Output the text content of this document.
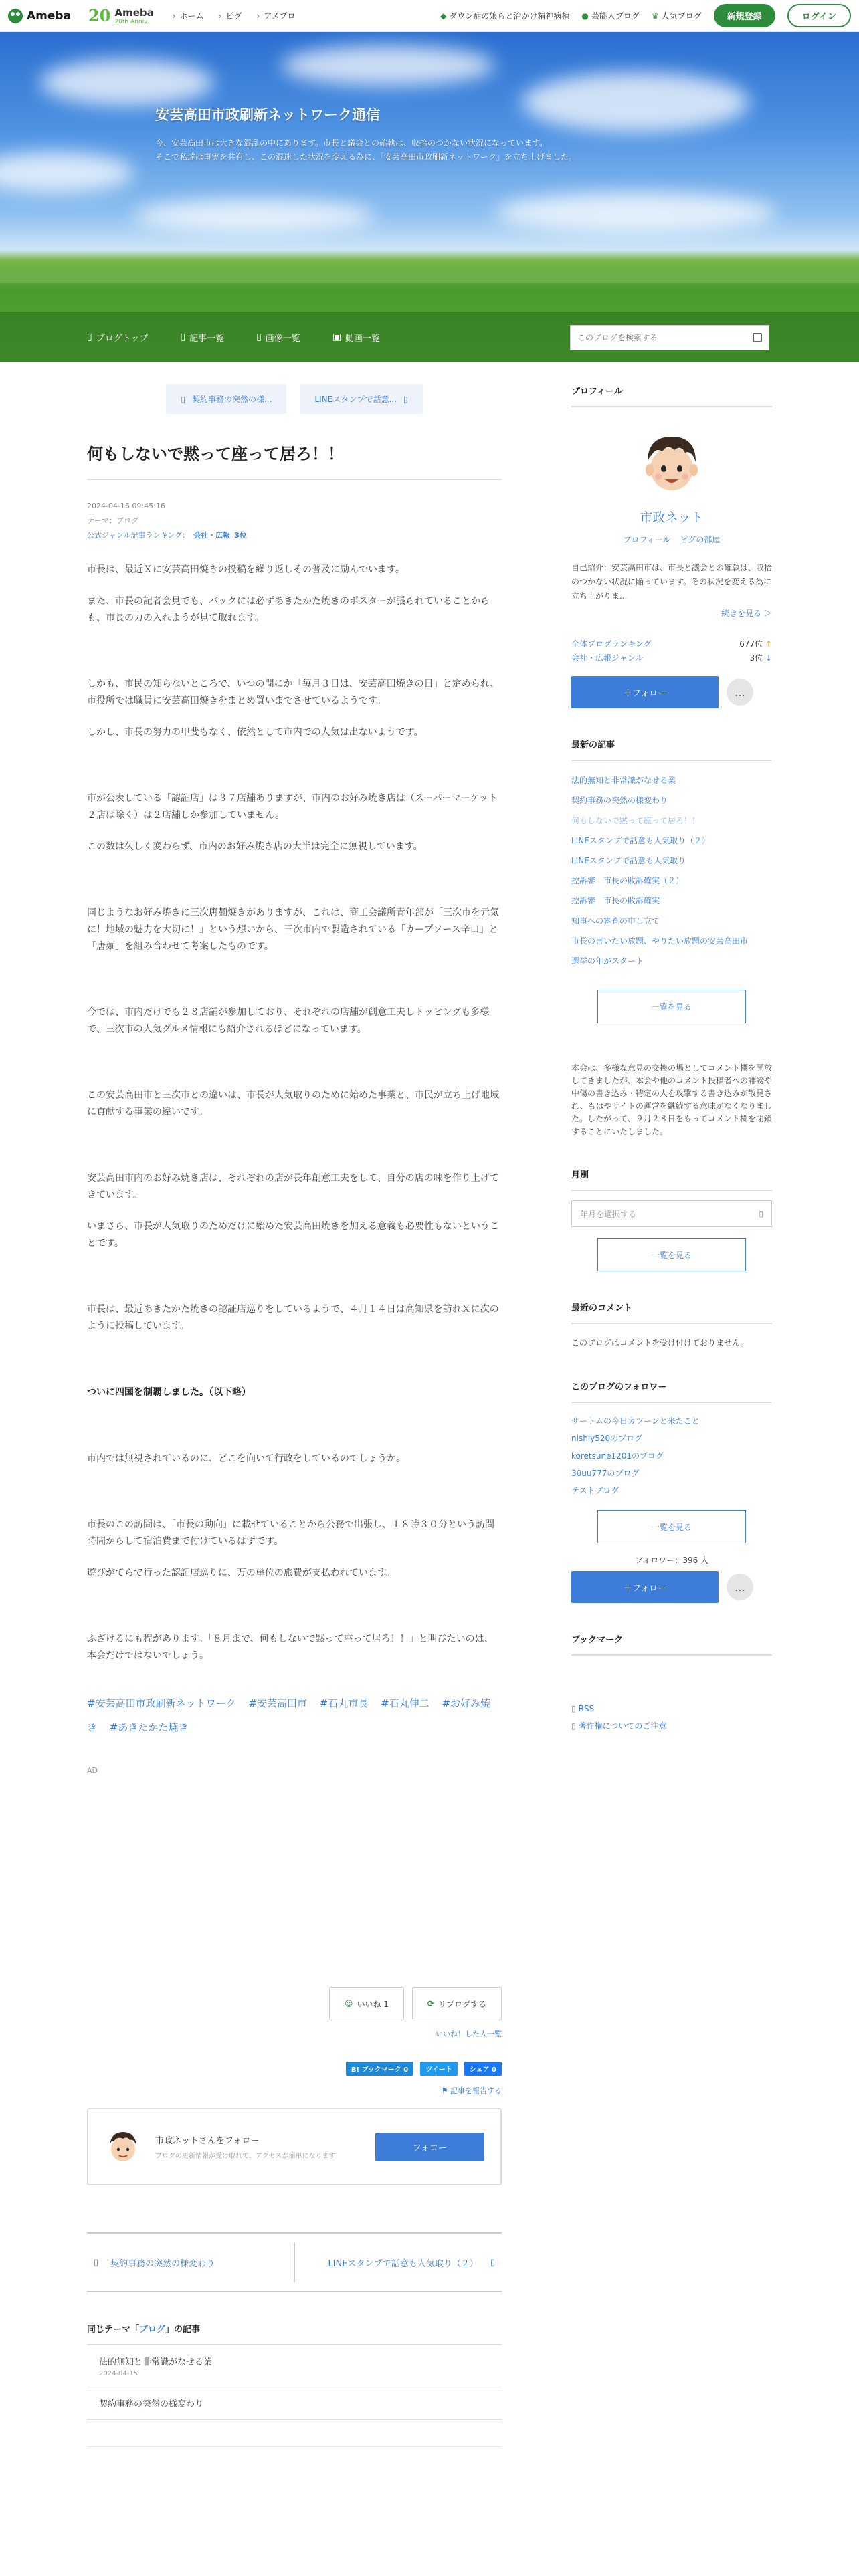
Ameba 20 Ameba
20th Anniv.
› ホーム	› ピグ	› アメプロ	◆ ダウン症の娘らと治かけ精神病棟 ● 芸能人ブログ ♛ 人気ブログ	新規登録	ログイン
安芸高田市政刷新ネットワーク通信
今、安芸高田市は大きな混乱の中にあります。市長と議会との確執は、収拾のつかない状況になっています。
そこで私達は事実を共有し、この混迷した状況を変える為に、「安芸高田市政刷新ネットワーク」を立ち上げました。
▯ ブログトップ	▯ 記事一覧	▯ 画像一覧	▣ 動画一覧
このブログを検索する
▯ 契約事務の突然の様...	LINEスタンプで話意... ▯
何もしないで黙って座って居ろ！！
2024-04-16 09:45:16
テーマ：ブログ
公式ジャンル記事ランキング： 会社・広報 3位

市長は、最近Ｘに安芸高田焼きの投稿を繰り返しその普及に励んでいます。

また、市長の記者会見でも、バックには必ずあきたかた焼きのポスターが張られていることからも、市長の力の入れようが見て取れます。

しかも、市民の知らないところで、いつの間にか「毎月３日は、安芸高田焼きの日」と定められ、市役所では職員に安芸高田焼きをまとめ買いまでさせているようです。

しかし、市長の努力の甲斐もなく、依然として市内での人気は出ないようです。

市が公表している「認証店」は３７店舗ありますが、市内のお好み焼き店は（スーパーマーケット２店は除く）は２店舗しか参加していません。

この数は久しく変わらず、市内のお好み焼き店の大半は完全に無視しています。

同じようなお好み焼きに三次唐麺焼きがありますが、これは、商工会議所青年部が「三次市を元気に！地域の魅力を大切に！」という想いから、三次市内で製造されている「カープソース辛口」と「唐麺」を組み合わせて考案したものです。

今では、市内だけでも２８店舗が参加しており、それぞれの店舗が創意工夫しトッピングも多様で、三次市の人気グルメ情報にも紹介されるほどになっています。

この安芸高田市と三次市との違いは、市長が人気取りのために始めた事業と、市民が立ち上げ地域に貢献する事業の違いです。

安芸高田市内のお好み焼き店は、それぞれの店が長年創意工夫をして、自分の店の味を作り上げてきています。

いまさら、市長が人気取りのためだけに始めた安芸高田焼きを加える意義も必要性もないということです。

市長は、最近あきたかた焼きの認証店巡りをしているようで、４月１４日は高知県を訪れＸに次のように投稿しています。

ついに四国を制覇しました。（以下略）

市内では無視されているのに、どこを向いて行政をしているのでしょうか。

市長のこの訪問は、「市長の動向」に載せていることから公務で出張し、１８時３０分という訪問時間からして宿泊費まで付けているはずです。

遊びがてらで行った認証店巡りに、万の単位の旅費が支払われています。

ふざけるにも程があります。「８月まで、何もしないで黙って座って居ろ！！」と叫びたいのは、本会だけではないでしょう。

#安芸高田市政刷新ネットワーク #安芸高田市 #石丸市長 #石丸伸二 #お好み焼き #あきたかた焼き
AD
☺ いいね 1	⟳ リブログする
いいね！した人一覧
B! ブックマーク 0	ツイート	シェア 0
⚑ 記事を報告する
市政ネットさんをフォロー
ブログの更新情報が受け取れて、アクセスが簡単になります
フォロー
▯ 契約事務の突然の様変わり	LINEスタンプで話意も人気取り（２） ▯
同じテーマ「ブログ」の記事
法的無知と非常識がなせる業
2024-04-15
契約事務の突然の様変わり
プロフィール
市政ネット
プロフィール ピグの部屋
自己紹介：安芸高田市は、市長と議会との確執は、収拾のつかない状況に陥っています。その状況を変える為に立ち上がりま...
続きを見る ＞
全体ブログランキング	677位 ↑
会社・広報ジャンル	3位 ↓
＋フォロー	…
最新の記事
法的無知と非常識がなせる業
契約事務の突然の様変わり
何もしないで黙って座って居ろ！！
LINEスタンプで話意も人気取り（２）
LINEスタンプで話意も人気取り
控訴審　市長の敗訴確実（２）
控訴審　市長の敗訴確実
知事への審査の申し立て
市長の言いたい放題、やりたい放題の安芸高田市
選挙の年がスタート
一覧を見る
本会は、多様な意見の交換の場としてコメント欄を開放してきましたが、本会や他のコメント投稿者への誹謗や中傷の書き込み・特定の人を攻撃する書き込みが散見され、もはやサイトの運営を継続する意味がなくなりました。したがって、９月２８日をもってコメント欄を閉鎖することにいたしました。
月別
年月を選択する	▯
一覧を見る
最近のコメント
このブログはコメントを受け付けておりません。
このブログのフォロワー
サートムの今日カツーンと来たこと
nishiy520のブログ
koretsune1201のブログ
30uu777のブログ
テストブログ
一覧を見る
フォロワー：396 人
＋フォロー	…
ブックマーク
▯ RSS
▯ 著作権についてのご注意
